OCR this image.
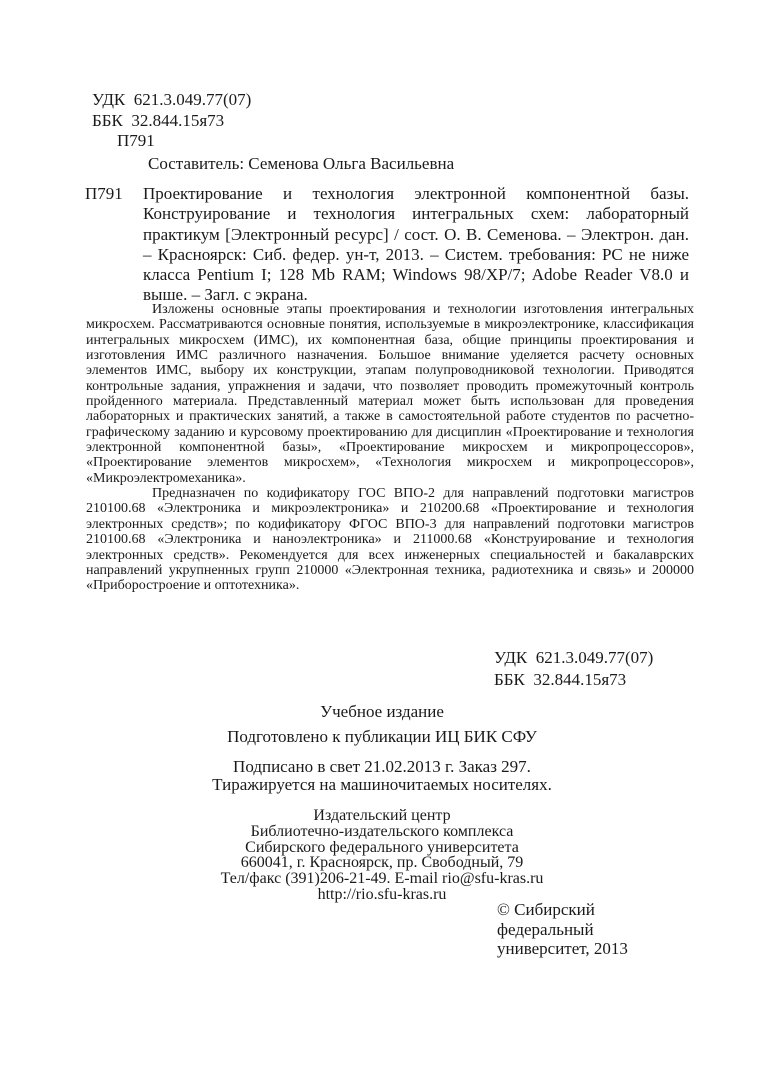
УДК  621.3.049.77(07)
ББК  32.844.15я73
П791
Составитель: Семенова Ольга Васильевна
П791 Проектирование и технология электронной компонентной базы. Конструирование и технология интегральных схем: лабораторный практикум [Электронный ресурс] / сост. О. В. Семенова. – Электрон. дан. – Красноярск: Сиб. федер. ун-т, 2013. – Систем. требования: PC не ниже класса Pentium I; 128 Mb RAM; Windows 98/XP/7; Adobe Reader V8.0 и выше. – Загл. с экрана.

Изложены основные этапы проектирования и технологии изготовления интегральных микросхем. Рассматриваются основные понятия, используемые в микроэлектронике, классификация интегральных микросхем (ИМС), их компонентная база, общие принципы проектирования и изготовления ИМС различного назначения. Большое внимание уделяется расчету основных элементов ИМС, выбору их конструкции, этапам полупроводниковой технологии. Приводятся контрольные задания, упражнения и задачи, что позволяет проводить промежуточный контроль пройденного материала. Представленный материал может быть использован для проведения лабораторных и практических занятий, а также в самостоятельной работе студентов по расчетно-графическому заданию и курсовому проектированию для дисциплин «Проектирование и технология электронной компонентной базы», «Проектирование микросхем и микропроцессоров», «Проектирование элементов микросхем», «Технология микросхем и микропроцессоров», «Микроэлектромеханика».

Предназначен по кодификатору ГОС ВПО-2 для направлений подготовки магистров 210100.68 «Электроника и микроэлектроника» и 210200.68 «Проектирование и технология электронных средств»; по кодификатору ФГОС ВПО-3 для направлений подготовки магистров 210100.68 «Электроника и наноэлектроника» и 211000.68 «Конструирование и технология электронных средств». Рекомендуется для всех инженерных специальностей и бакалаврских направлений укрупненных групп 210000 «Электронная техника, радиотехника и связь» и 200000 «Приборостроение и оптотехника».

УДК  621.3.049.77(07)
ББК  32.844.15я73
Учебное издание
Подготовлено к публикации ИЦ БИК СФУ
Подписано в свет 21.02.2013 г. Заказ 297.
Тиражируется на машиночитаемых носителях.
Издательский центр
Библиотечно-издательского комплекса
Сибирского федерального университета
660041, г. Красноярск, пр. Свободный, 79
Тел/факс (391)206-21-49. E-mail rio@sfu-kras.ru
http://rio.sfu-kras.ru
© Сибирский
федеральный
университет, 2013
